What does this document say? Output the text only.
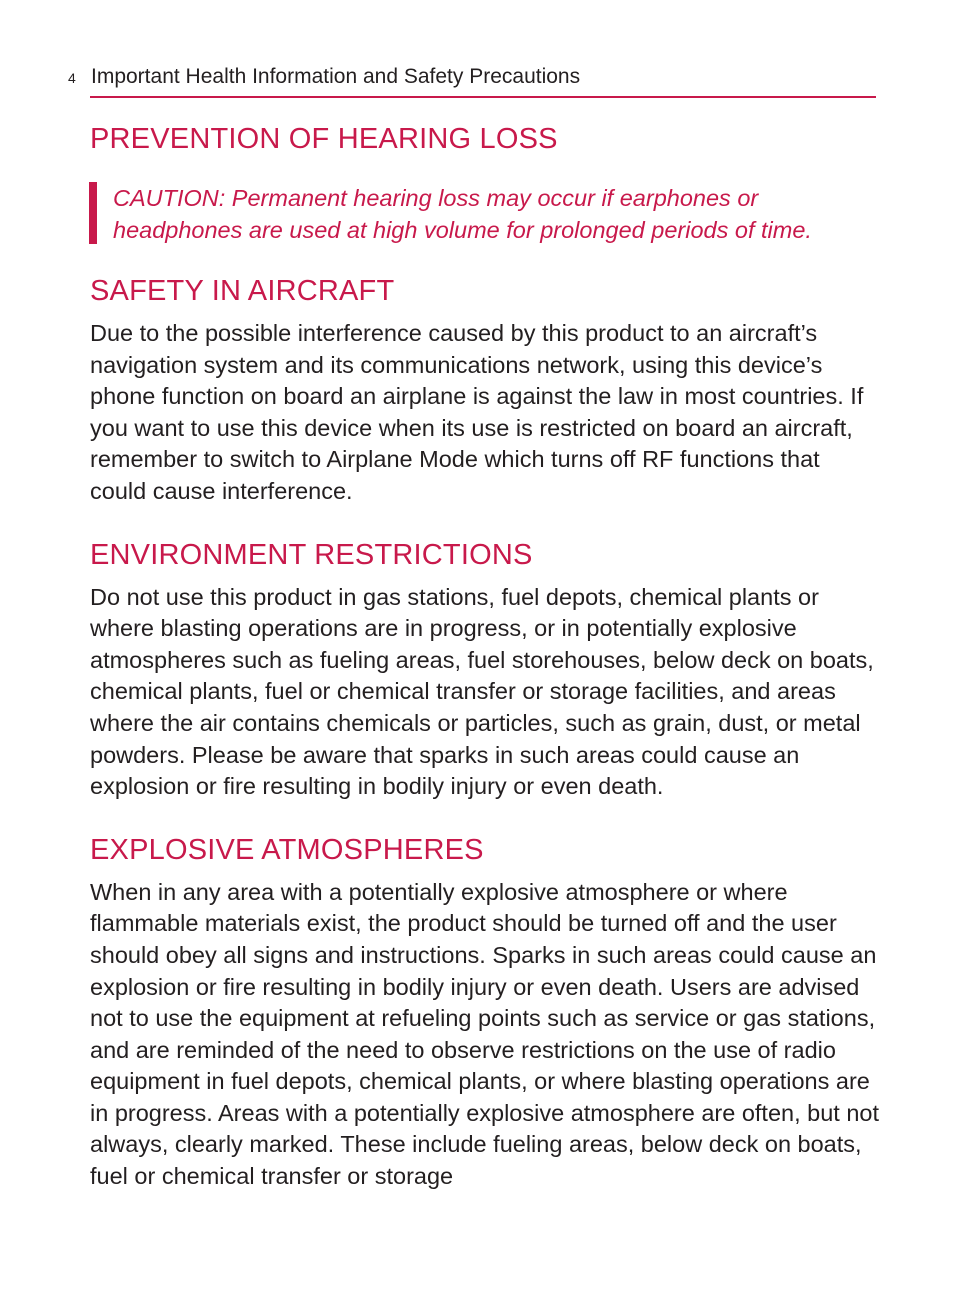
4 Important Health Information and Safety Precautions
PREVENTION OF HEARING LOSS
CAUTION: Permanent hearing loss may occur if earphones or headphones are used at high volume for prolonged periods of time.
SAFETY IN AIRCRAFT

Due to the possible interference caused by this product to an aircraft’s navigation system and its communications network, using this device’s phone function on board an airplane is against the law in most countries. If you want to use this device when its use is restricted on board an aircraft, remember to switch to Airplane Mode which turns off RF functions that could cause interference.

ENVIRONMENT RESTRICTIONS

Do not use this product in gas stations, fuel depots, chemical plants or where blasting operations are in progress, or in potentially explosive atmospheres such as fueling areas, fuel storehouses, below deck on boats, chemical plants, fuel or chemical transfer or storage facilities, and areas where the air contains chemicals or particles, such as grain, dust, or metal powders. Please be aware that sparks in such areas could cause an explosion or fire resulting in bodily injury or even death.

EXPLOSIVE ATMOSPHERES

When in any area with a potentially explosive atmosphere or where flammable materials exist, the product should be turned off and the user should obey all signs and instructions. Sparks in such areas could cause an explosion or fire resulting in bodily injury or even death. Users are advised not to use the equipment at refueling points such as service or gas stations, and are reminded of the need to observe restrictions on the use of radio equipment in fuel depots, chemical plants, or where blasting operations are in progress. Areas with a potentially explosive atmosphere are often, but not always, clearly marked. These include fueling areas, below deck on boats, fuel or chemical transfer or storage
